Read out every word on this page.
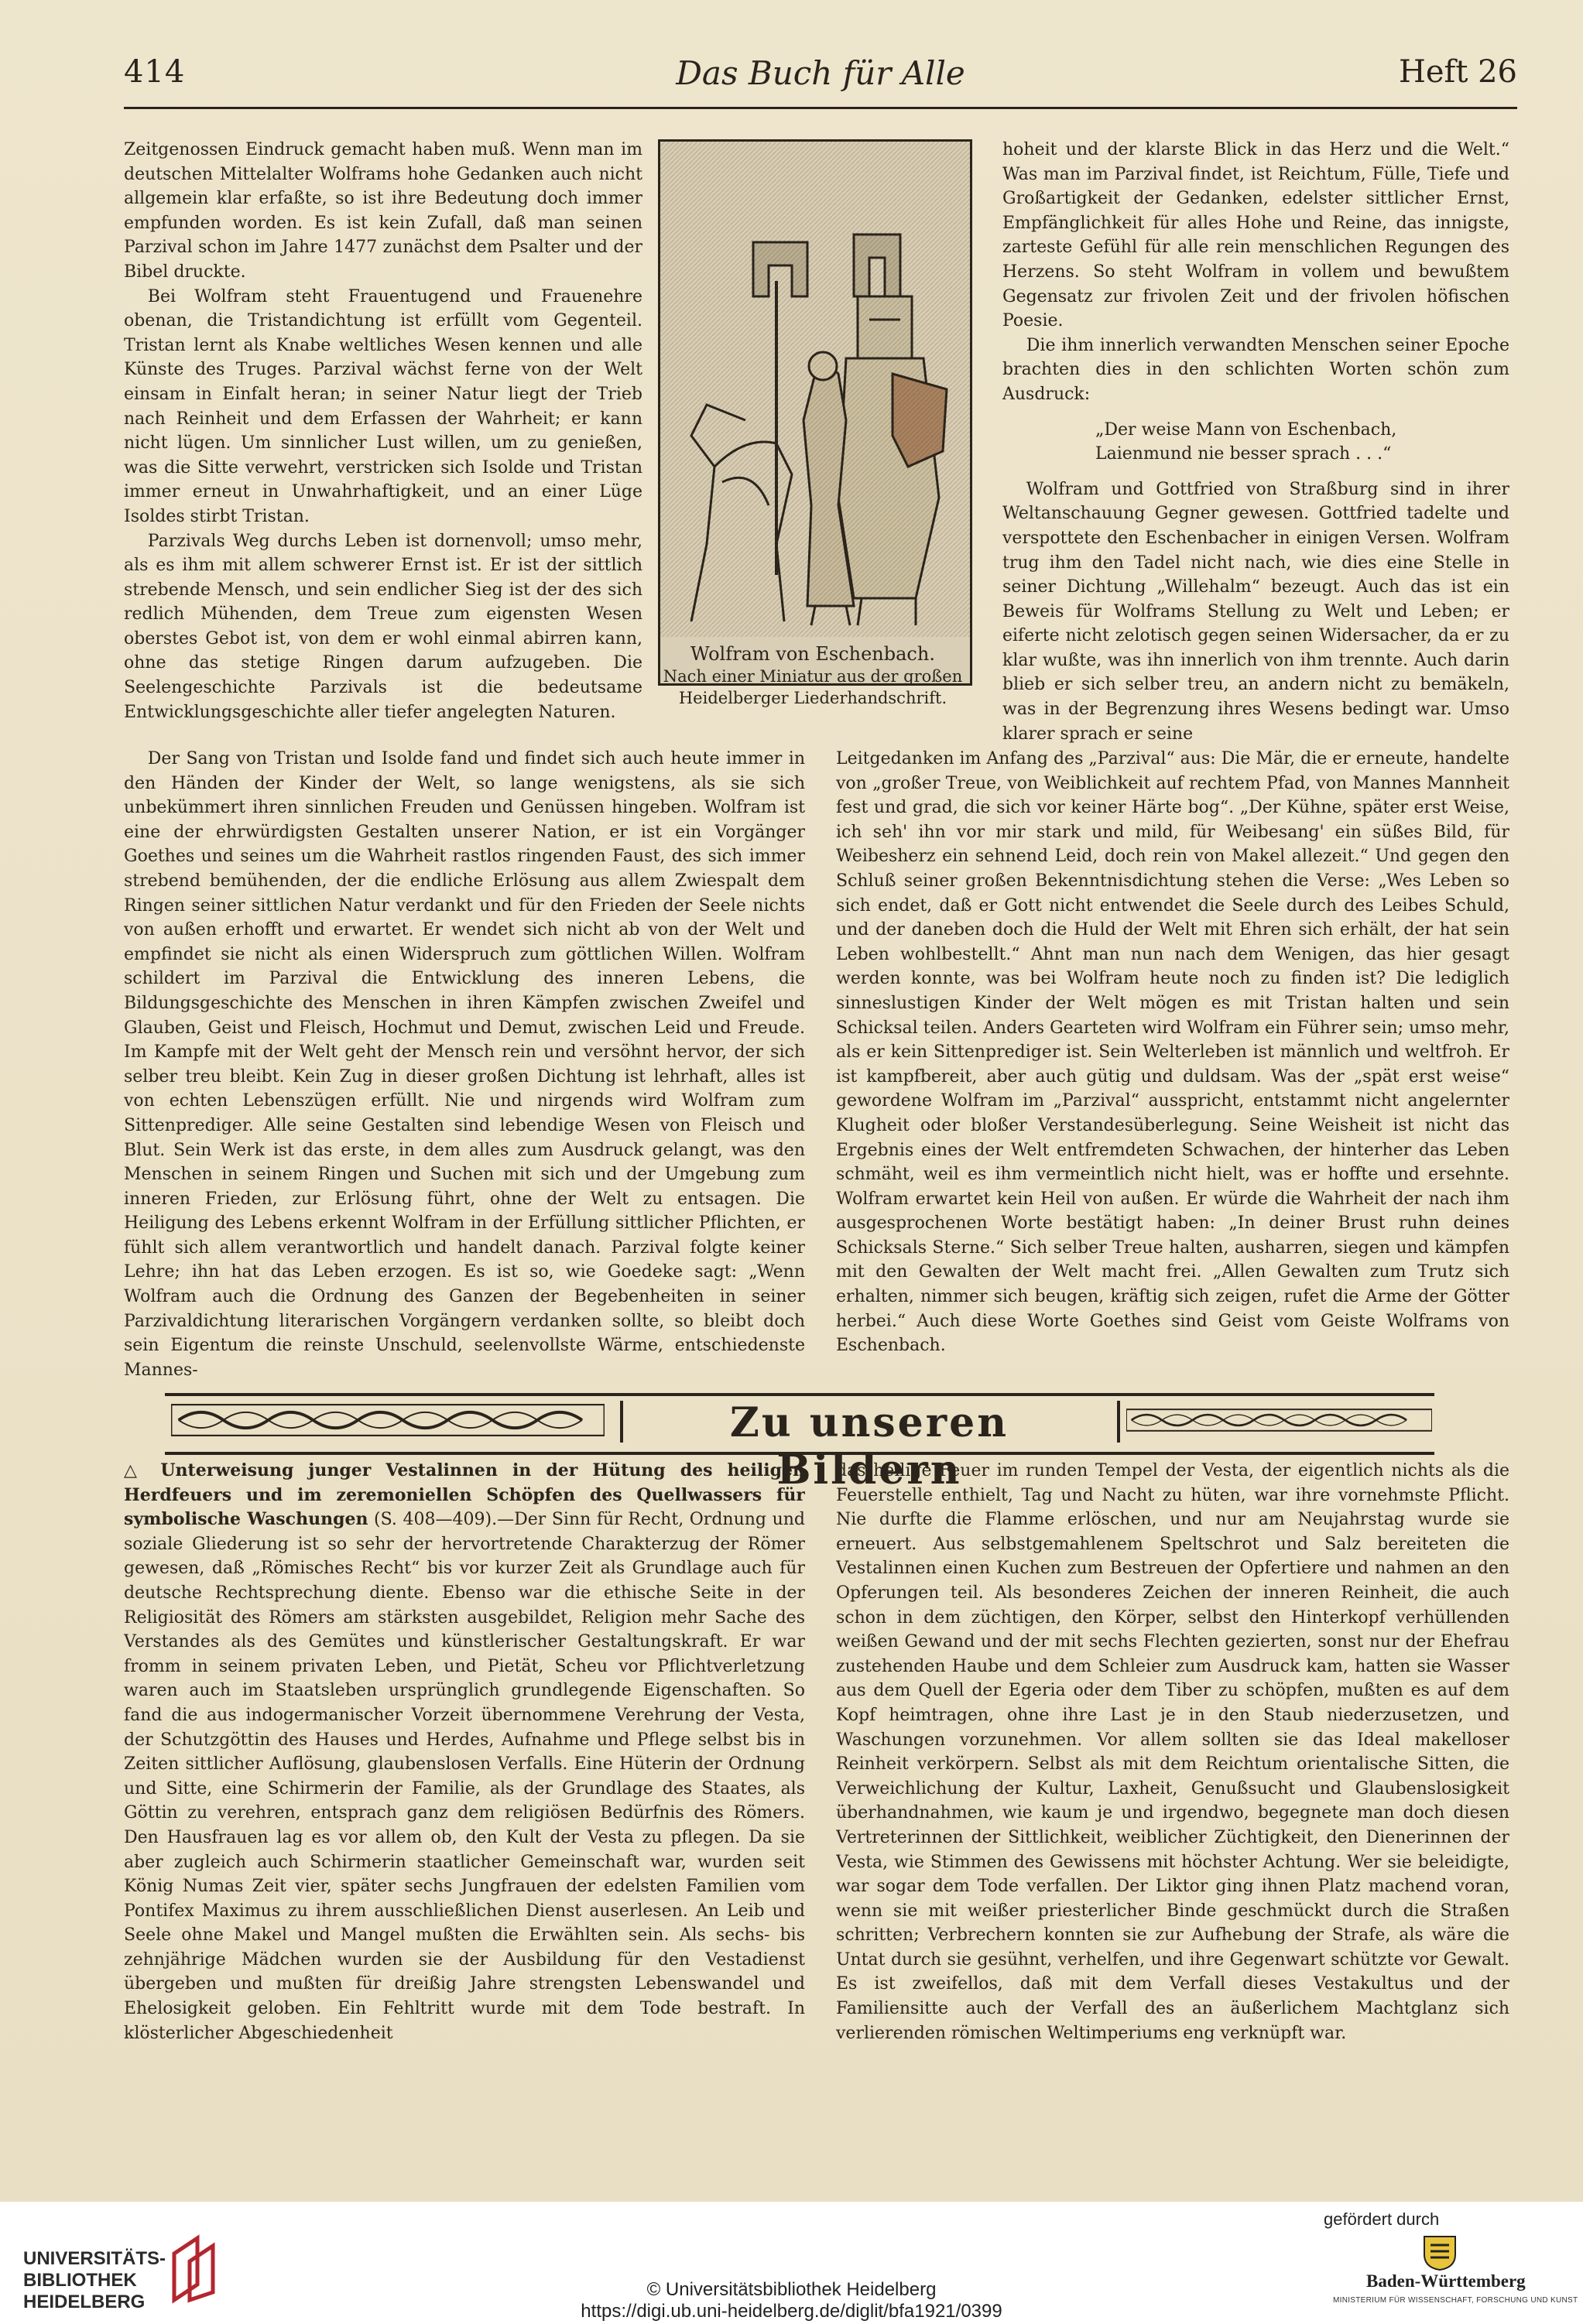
414	Das Buch für Alle	Heft 26

Zeitgenossen Eindruck gemacht haben muß. Wenn man im deutschen Mittelalter Wolframs hohe Gedanken auch nicht allgemein klar erfaßte, so ist ihre Bedeutung doch immer empfunden worden. Es ist kein Zufall, daß man seinen Parzival schon im Jahre 1477 zunächst dem Psalter und der Bibel druckte.

Bei Wolfram steht Frauentugend und Frauenehre obenan, die Tristandichtung ist erfüllt vom Gegenteil. Tristan lernt als Knabe weltliches Wesen kennen und alle Künste des Truges. Parzival wächst ferne von der Welt einsam in Einfalt heran; in seiner Natur liegt der Trieb nach Reinheit und dem Erfassen der Wahrheit; er kann nicht lügen. Um sinnlicher Lust willen, um zu genießen, was die Sitte verwehrt, verstricken sich Isolde und Tristan immer erneut in Unwahrhaftigkeit, und an einer Lüge Isoldes stirbt Tristan.

Parzivals Weg durchs Leben ist dornenvoll; umso mehr, als es ihm mit allem schwerer Ernst ist. Er ist der sittlich strebende Mensch, und sein endlicher Sieg ist der des sich redlich Mühenden, dem Treue zum eigensten Wesen oberstes Gebot ist, von dem er wohl einmal abirren kann, ohne das stetige Ringen darum aufzugeben. Die Seelengeschichte Parzivals ist die bedeutsame Entwicklungsgeschichte aller tiefer angelegten Naturen.

Wolfram von Eschenbach.
Nach einer Miniatur aus der großen
Heidelberger Liederhandschrift.

hoheit und der klarste Blick in das Herz und die Welt.“ Was man im Parzival findet, ist Reichtum, Fülle, Tiefe und Großartigkeit der Gedanken, edelster sittlicher Ernst, Empfänglichkeit für alles Hohe und Reine, das innigste, zarteste Gefühl für alle rein menschlichen Regungen des Herzens. So steht Wolfram in vollem und bewußtem Gegensatz zur frivolen Zeit und der frivolen höfischen Poesie.

Die ihm innerlich verwandten Menschen seiner Epoche brachten dies in den schlichten Worten schön zum Ausdruck:

„Der weise Mann von Eschenbach,
Laienmund nie besser sprach . . .“

Wolfram und Gottfried von Straßburg sind in ihrer Weltanschauung Gegner gewesen. Gottfried tadelte und verspottete den Eschenbacher in einigen Versen. Wolfram trug ihm den Tadel nicht nach, wie dies eine Stelle in seiner Dichtung „Willehalm“ bezeugt. Auch das ist ein Beweis für Wolframs Stellung zu Welt und Leben; er eiferte nicht zelotisch gegen seinen Widersacher, da er zu klar wußte, was ihn innerlich von ihm trennte. Auch darin blieb er sich selber treu, an andern nicht zu bemäkeln, was in der Begrenzung ihres Wesens bedingt war. Umso klarer sprach er seine

Der Sang von Tristan und Isolde fand und findet sich auch heute immer in den Händen der Kinder der Welt, so lange wenigstens, als sie sich unbekümmert ihren sinnlichen Freuden und Genüssen hingeben. Wolfram ist eine der ehrwürdigsten Gestalten unserer Nation, er ist ein Vorgänger Goethes und seines um die Wahrheit rastlos ringenden Faust, des sich immer strebend bemühenden, der die endliche Erlösung aus allem Zwiespalt dem Ringen seiner sittlichen Natur verdankt und für den Frieden der Seele nichts von außen erhofft und erwartet. Er wendet sich nicht ab von der Welt und empfindet sie nicht als einen Widerspruch zum göttlichen Willen. Wolfram schildert im Parzival die Entwicklung des inneren Lebens, die Bildungsgeschichte des Menschen in ihren Kämpfen zwischen Zweifel und Glauben, Geist und Fleisch, Hochmut und Demut, zwischen Leid und Freude. Im Kampfe mit der Welt geht der Mensch rein und versöhnt hervor, der sich selber treu bleibt. Kein Zug in dieser großen Dichtung ist lehrhaft, alles ist von echten Lebenszügen erfüllt. Nie und nirgends wird Wolfram zum Sittenprediger. Alle seine Gestalten sind lebendige Wesen von Fleisch und Blut. Sein Werk ist das erste, in dem alles zum Ausdruck gelangt, was den Menschen in seinem Ringen und Suchen mit sich und der Umgebung zum inneren Frieden, zur Erlösung führt, ohne der Welt zu entsagen. Die Heiligung des Lebens erkennt Wolfram in der Erfüllung sittlicher Pflichten, er fühlt sich allem verantwortlich und handelt danach. Parzival folgte keiner Lehre; ihn hat das Leben erzogen. Es ist so, wie Goedeke sagt: „Wenn Wolfram auch die Ordnung des Ganzen der Begebenheiten in seiner Parzivaldichtung literarischen Vorgängern verdanken sollte, so bleibt doch sein Eigentum die reinste Unschuld, seelenvollste Wärme, entschiedenste Mannes-

Leitgedanken im Anfang des „Parzival“ aus: Die Mär, die er erneute, handelte von „großer Treue, von Weiblichkeit auf rechtem Pfad, von Mannes Mannheit fest und grad, die sich vor keiner Härte bog“. „Der Kühne, später erst Weise, ich seh' ihn vor mir stark und mild, für Weibesang' ein süßes Bild, für Weibesherz ein sehnend Leid, doch rein von Makel allezeit.“ Und gegen den Schluß seiner großen Bekenntnisdichtung stehen die Verse: „Wes Leben so sich endet, daß er Gott nicht entwendet die Seele durch des Leibes Schuld, und der daneben doch die Huld der Welt mit Ehren sich erhält, der hat sein Leben wohlbestellt.“ Ahnt man nun nach dem Wenigen, das hier gesagt werden konnte, was bei Wolfram heute noch zu finden ist? Die lediglich sinneslustigen Kinder der Welt mögen es mit Tristan halten und sein Schicksal teilen. Anders Gearteten wird Wolfram ein Führer sein; umso mehr, als er kein Sittenprediger ist. Sein Welterleben ist männlich und weltfroh. Er ist kampfbereit, aber auch gütig und duldsam. Was der „spät erst weise“ gewordene Wolfram im „Parzival“ ausspricht, entstammt nicht angelernter Klugheit oder bloßer Verstandesüberlegung. Seine Weisheit ist nicht das Ergebnis eines der Welt entfremdeten Schwachen, der hinterher das Leben schmäht, weil es ihm vermeintlich nicht hielt, was er hoffte und ersehnte. Wolfram erwartet kein Heil von außen. Er würde die Wahrheit der nach ihm ausgesprochenen Worte bestätigt haben: „In deiner Brust ruhn deines Schicksals Sterne.“ Sich selber Treue halten, ausharren, siegen und kämpfen mit den Gewalten der Welt macht frei. „Allen Gewalten zum Trutz sich erhalten, nimmer sich beugen, kräftig sich zeigen, rufet die Arme der Götter herbei.“ Auch diese Worte Goethes sind Geist vom Geiste Wolframs von Eschenbach.

Zu unseren Bildern

△ Unterweisung junger Vestalinnen in der Hütung des heiligen Herdfeuers und im zeremoniellen Schöpfen des Quellwassers für symbolische Waschungen (S. 408—409).—Der Sinn für Recht, Ordnung und soziale Gliederung ist so sehr der hervortretende Charakterzug der Römer gewesen, daß „Römisches Recht“ bis vor kurzer Zeit als Grundlage auch für deutsche Rechtsprechung diente. Ebenso war die ethische Seite in der Religiosität des Römers am stärksten ausgebildet, Religion mehr Sache des Verstandes als des Gemütes und künstlerischer Gestaltungskraft. Er war fromm in seinem privaten Leben, und Pietät, Scheu vor Pflichtverletzung waren auch im Staatsleben ursprünglich grundlegende Eigenschaften. So fand die aus indogermanischer Vorzeit übernommene Verehrung der Vesta, der Schutzgöttin des Hauses und Herdes, Aufnahme und Pflege selbst bis in Zeiten sittlicher Auflösung, glaubenslosen Verfalls. Eine Hüterin der Ordnung und Sitte, eine Schirmerin der Familie, als der Grundlage des Staates, als Göttin zu verehren, entsprach ganz dem religiösen Bedürfnis des Römers. Den Hausfrauen lag es vor allem ob, den Kult der Vesta zu pflegen. Da sie aber zugleich auch Schirmerin staatlicher Gemeinschaft war, wurden seit König Numas Zeit vier, später sechs Jungfrauen der edelsten Familien vom Pontifex Maximus zu ihrem ausschließlichen Dienst auserlesen. An Leib und Seele ohne Makel und Mangel mußten die Erwählten sein. Als sechs- bis zehnjährige Mädchen wurden sie der Ausbildung für den Vestadienst übergeben und mußten für dreißig Jahre strengsten Lebenswandel und Ehelosigkeit geloben. Ein Fehltritt wurde mit dem Tode bestraft. In klösterlicher Abgeschiedenheit

das heilige Feuer im runden Tempel der Vesta, der eigentlich nichts als die Feuerstelle enthielt, Tag und Nacht zu hüten, war ihre vornehmste Pflicht. Nie durfte die Flamme erlöschen, und nur am Neujahrstag wurde sie erneuert. Aus selbstgemahlenem Speltschrot und Salz bereiteten die Vestalinnen einen Kuchen zum Bestreuen der Opfertiere und nahmen an den Opferungen teil. Als besonderes Zeichen der inneren Reinheit, die auch schon in dem züchtigen, den Körper, selbst den Hinterkopf verhüllenden weißen Gewand und der mit sechs Flechten gezierten, sonst nur der Ehefrau zustehenden Haube und dem Schleier zum Ausdruck kam, hatten sie Wasser aus dem Quell der Egeria oder dem Tiber zu schöpfen, mußten es auf dem Kopf heimtragen, ohne ihre Last je in den Staub niederzusetzen, und Waschungen vorzunehmen. Vor allem sollten sie das Ideal makelloser Reinheit verkörpern. Selbst als mit dem Reichtum orientalische Sitten, die Verweichlichung der Kultur, Laxheit, Genußsucht und Glaubenslosigkeit überhandnahmen, wie kaum je und irgendwo, begegnete man doch diesen Vertreterinnen der Sittlichkeit, weiblicher Züchtigkeit, den Dienerinnen der Vesta, wie Stimmen des Gewissens mit höchster Achtung. Wer sie beleidigte, war sogar dem Tode verfallen. Der Liktor ging ihnen Platz machend voran, wenn sie mit weißer priesterlicher Binde geschmückt durch die Straßen schritten; Verbrechern konnten sie zur Aufhebung der Strafe, als wäre die Untat durch sie gesühnt, verhelfen, und ihre Gegenwart schützte vor Gewalt. Es ist zweifellos, daß mit dem Verfall dieses Vestakultus und der Familiensitte auch der Verfall des an äußerlichem Machtglanz sich verlierenden römischen Weltimperiums eng verknüpft war.

UNIVERSITÄTS-
BIBLIOTHEK
HEIDELBERG
© Universitätsbibliothek Heidelberg
https://digi.ub.uni-heidelberg.de/diglit/bfa1921/0399
gefördert durch
Baden-Württemberg
MINISTERIUM FÜR WISSENSCHAFT, FORSCHUNG UND KUNST
